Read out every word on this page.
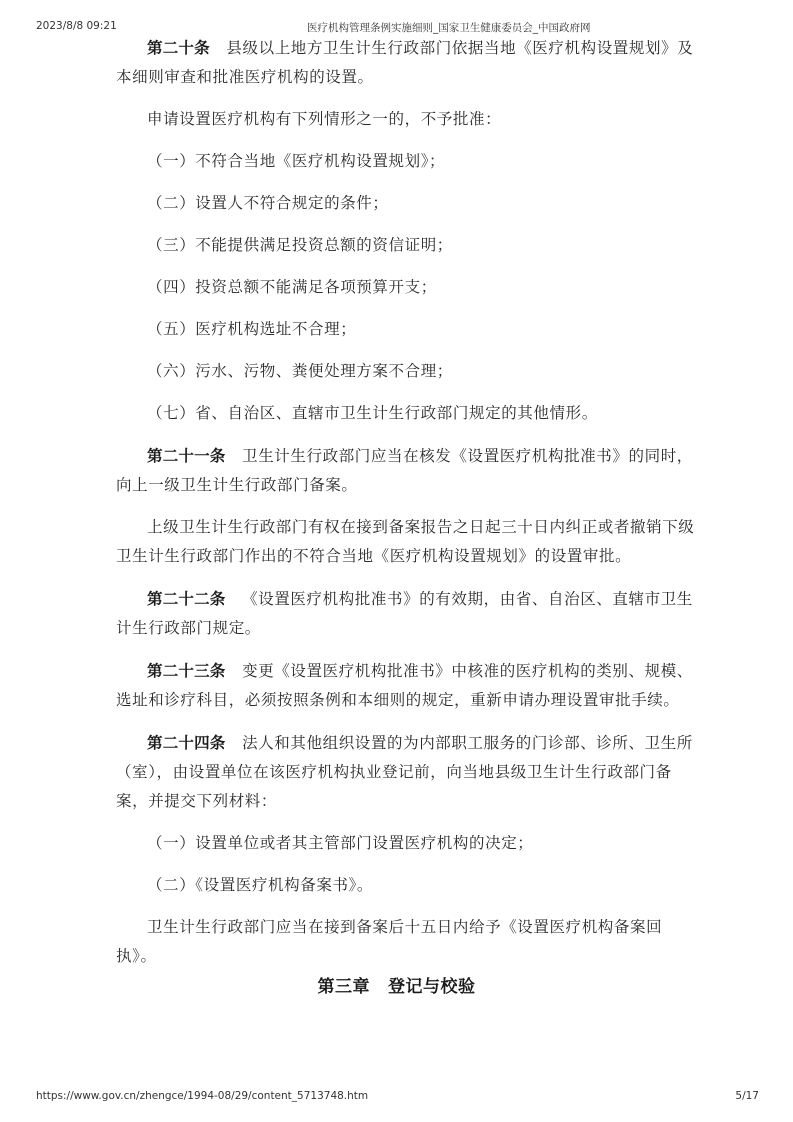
2023/8/8 09:21	医疗机构管理条例实施细则_国家卫生健康委员会_中国政府网

第二十条 县级以上地方卫生计生行政部门依据当地《医疗机构设置规划》及本细则审查和批准医疗机构的设置。

申请设置医疗机构有下列情形之一的，不予批准：

（一）不符合当地《医疗机构设置规划》；

（二）设置人不符合规定的条件；

（三）不能提供满足投资总额的资信证明；

（四）投资总额不能满足各项预算开支；

（五）医疗机构选址不合理；

（六）污水、污物、粪便处理方案不合理；

（七）省、自治区、直辖市卫生计生行政部门规定的其他情形。

第二十一条 卫生计生行政部门应当在核发《设置医疗机构批准书》的同时，向上一级卫生计生行政部门备案。

上级卫生计生行政部门有权在接到备案报告之日起三十日内纠正或者撤销下级卫生计生行政部门作出的不符合当地《医疗机构设置规划》的设置审批。

第二十二条 《设置医疗机构批准书》的有效期，由省、自治区、直辖市卫生计生行政部门规定。

第二十三条 变更《设置医疗机构批准书》中核准的医疗机构的类别、规模、选址和诊疗科目，必须按照条例和本细则的规定，重新申请办理设置审批手续。

第二十四条 法人和其他组织设置的为内部职工服务的门诊部、诊所、卫生所（室），由设置单位在该医疗机构执业登记前，向当地县级卫生计生行政部门备案，并提交下列材料：

（一）设置单位或者其主管部门设置医疗机构的决定；

（二）《设置医疗机构备案书》。

卫生计生行政部门应当在接到备案后十五日内给予《设置医疗机构备案回执》。

第三章 登记与校验
https://www.gov.cn/zhengce/1994-08/29/content_5713748.htm	5/17
